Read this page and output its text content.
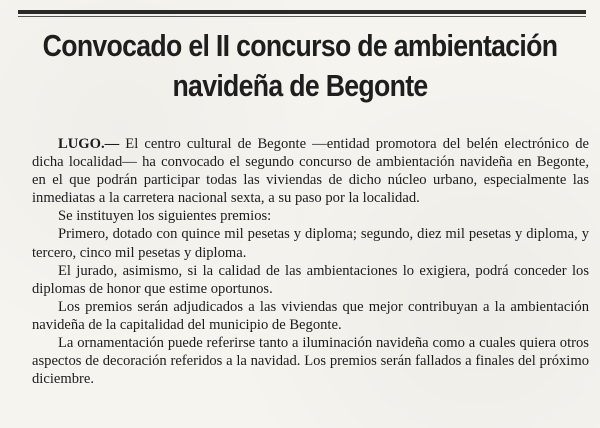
Convocado el II concurso de ambientación
navideña de Begonte

LUGO.— El centro cultural de Begonte —entidad promotora del belén electrónico de dicha localidad— ha convocado el segundo concurso de ambientación navideña en Begonte, en el que podrán participar todas las viviendas de dicho núcleo urbano, especialmente las inmediatas a la carretera nacional sexta, a su paso por la localidad.

Se instituyen los siguientes premios:

Primero, dotado con quince mil pesetas y diploma; segundo, diez mil pesetas y diploma, y tercero, cinco mil pesetas y diploma.

El jurado, asimismo, si la calidad de las ambientaciones lo exigiera, podrá conceder los diplomas de honor que estime oportunos.

Los premios serán adjudicados a las viviendas que mejor contribuyan a la ambientación navideña de la capitalidad del municipio de Begonte.

La ornamentación puede referirse tanto a iluminación navideña como a cuales quiera otros aspectos de decoración referidos a la navidad. Los premios serán fallados a finales del próximo diciembre.
